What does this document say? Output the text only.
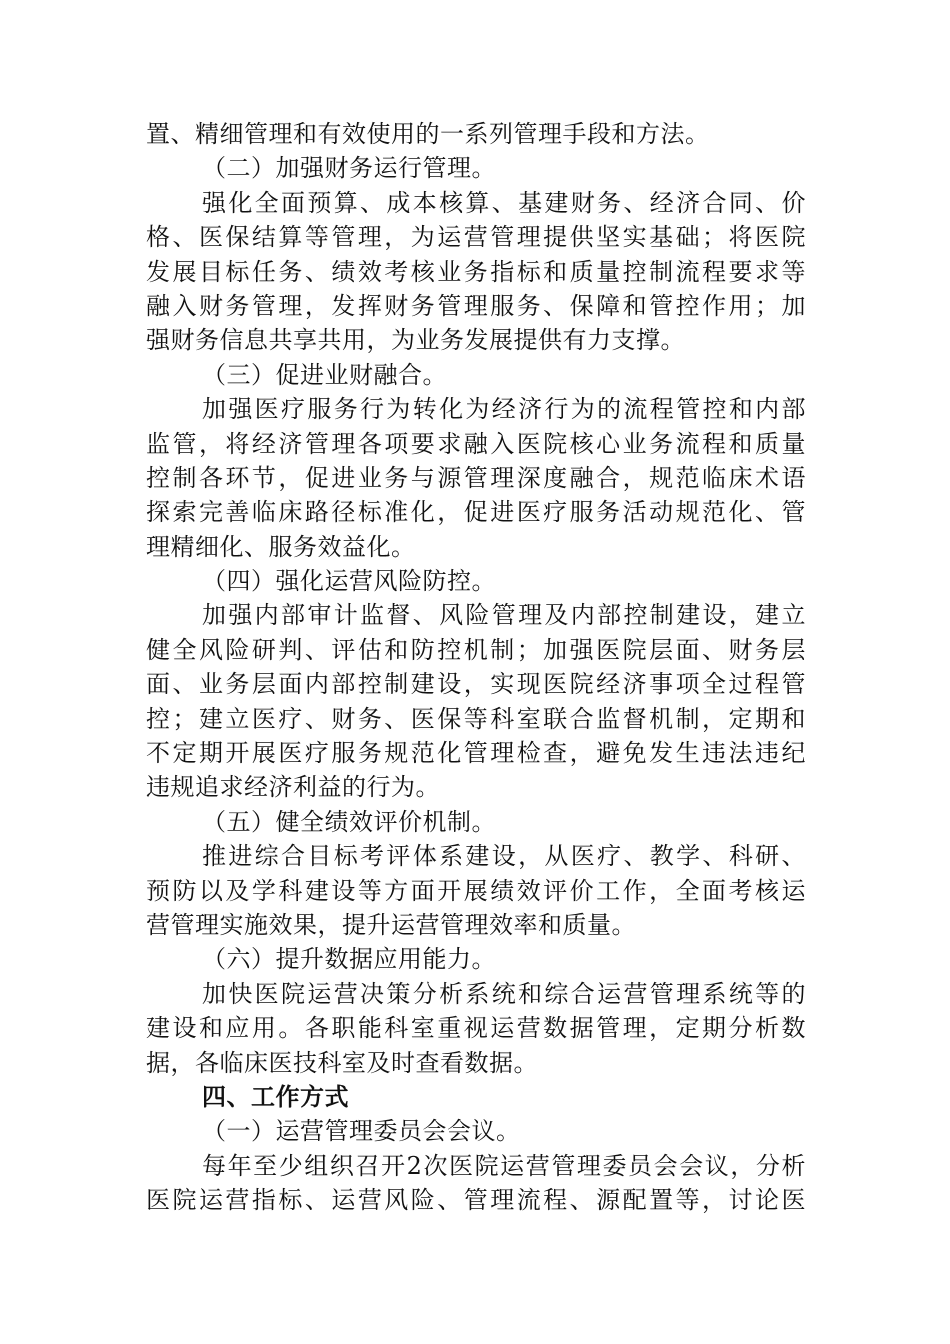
置、精细管理和有效使用的一系列管理手段和方法。
（二）加强财务运行管理。
强化全面预算、成本核算、基建财务、经济合同、价
格、医保结算等管理，为运营管理提供坚实基础；将医院
发展目标任务、绩效考核业务指标和质量控制流程要求等
融入财务管理，发挥财务管理服务、保障和管控作用；加
强财务信息共享共用，为业务发展提供有力支撑。
（三）促进业财融合。
加强医疗服务行为转化为经济行为的流程管控和内部
监管，将经济管理各项要求融入医院核心业务流程和质量
控制各环节，促进业务与源管理深度融合，规范临床术语
探索完善临床路径标准化，促进医疗服务活动规范化、管
理精细化、服务效益化。
（四）强化运营风险防控。
加强内部审计监督、风险管理及内部控制建设，建立
健全风险研判、评估和防控机制；加强医院层面、财务层
面、业务层面内部控制建设，实现医院经济事项全过程管
控；建立医疗、财务、医保等科室联合监督机制，定期和
不定期开展医疗服务规范化管理检查，避免发生违法违纪
违规追求经济利益的行为。
（五）健全绩效评价机制。
推进综合目标考评体系建设，从医疗、教学、科研、
预防以及学科建设等方面开展绩效评价工作，全面考核运
营管理实施效果，提升运营管理效率和质量。
（六）提升数据应用能力。
加快医院运营决策分析系统和综合运营管理系统等的
建设和应用。各职能科室重视运营数据管理，定期分析数
据，各临床医技科室及时查看数据。
四、工作方式
（一）运营管理委员会会议。
每年至少组织召开2次医院运营管理委员会会议，分析
医院运营指标、运营风险、管理流程、源配置等，讨论医
